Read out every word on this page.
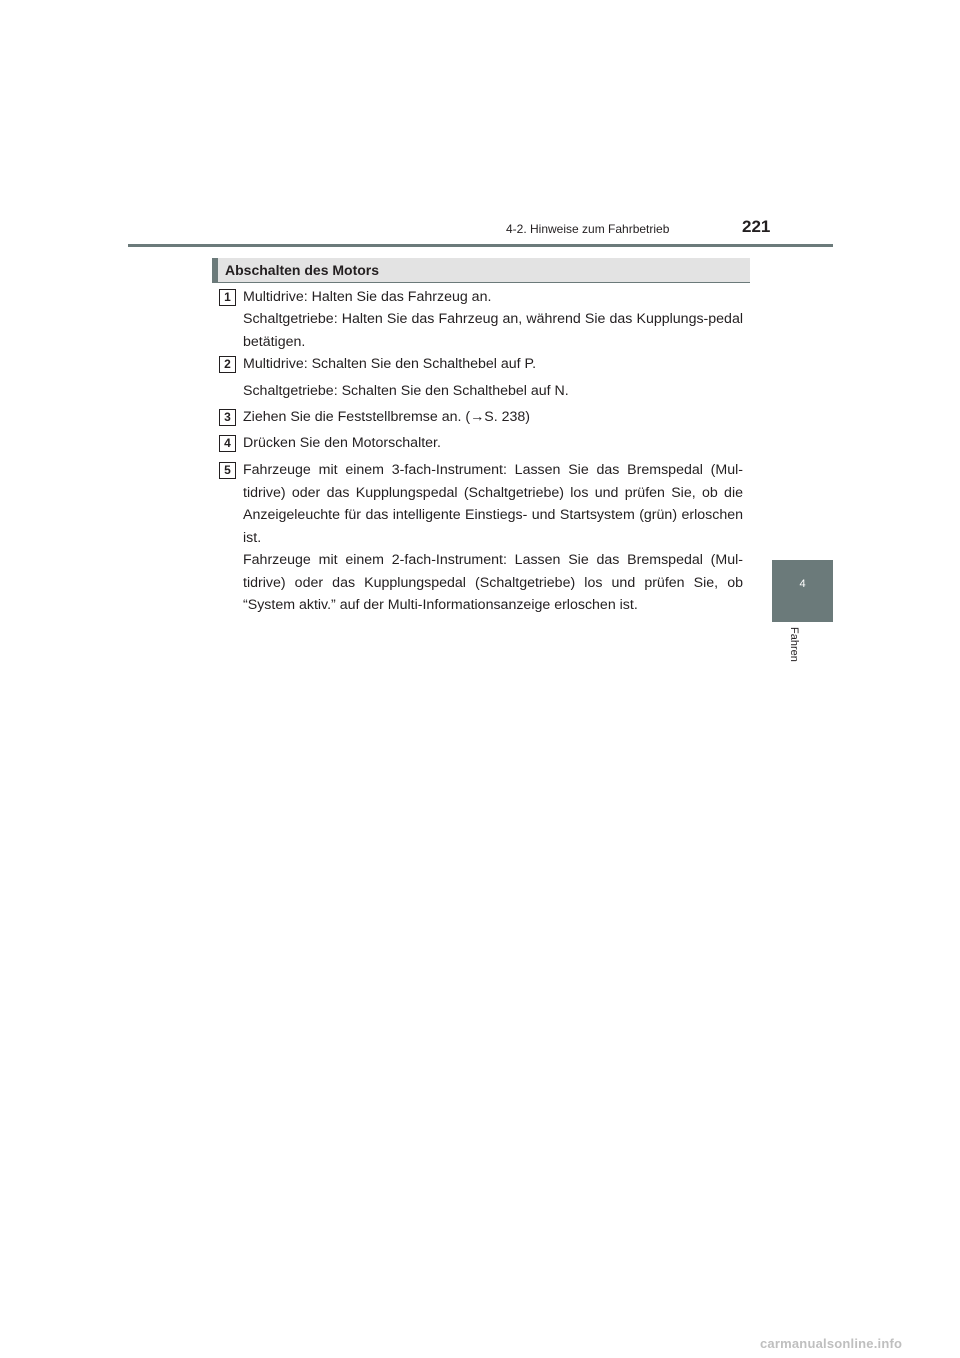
4-2. Hinweise zum Fahrbetrieb	221
4
Fahren
Abschalten des Motors
1 Multidrive: Halten Sie das Fahrzeug an.
Schaltgetriebe: Halten Sie das Fahrzeug an, während Sie das Kupplungs-pedal betätigen.
2 Multidrive: Schalten Sie den Schalthebel auf P.
Schaltgetriebe: Schalten Sie den Schalthebel auf N.
3 Ziehen Sie die Feststellbremse an. (→S. 238)
4 Drücken Sie den Motorschalter.
5 Fahrzeuge mit einem 3-fach-Instrument: Lassen Sie das Bremspedal (Mul-tidrive) oder das Kupplungspedal (Schaltgetriebe) los und prüfen Sie, ob die Anzeigeleuchte für das intelligente Einstiegs- und Startsystem (grün) erloschen ist.
Fahrzeuge mit einem 2-fach-Instrument: Lassen Sie das Bremspedal (Mul-tidrive) oder das Kupplungspedal (Schaltgetriebe) los und prüfen Sie, ob “System aktiv.” auf der Multi-Informationsanzeige erloschen ist.
carmanualsonline.info
